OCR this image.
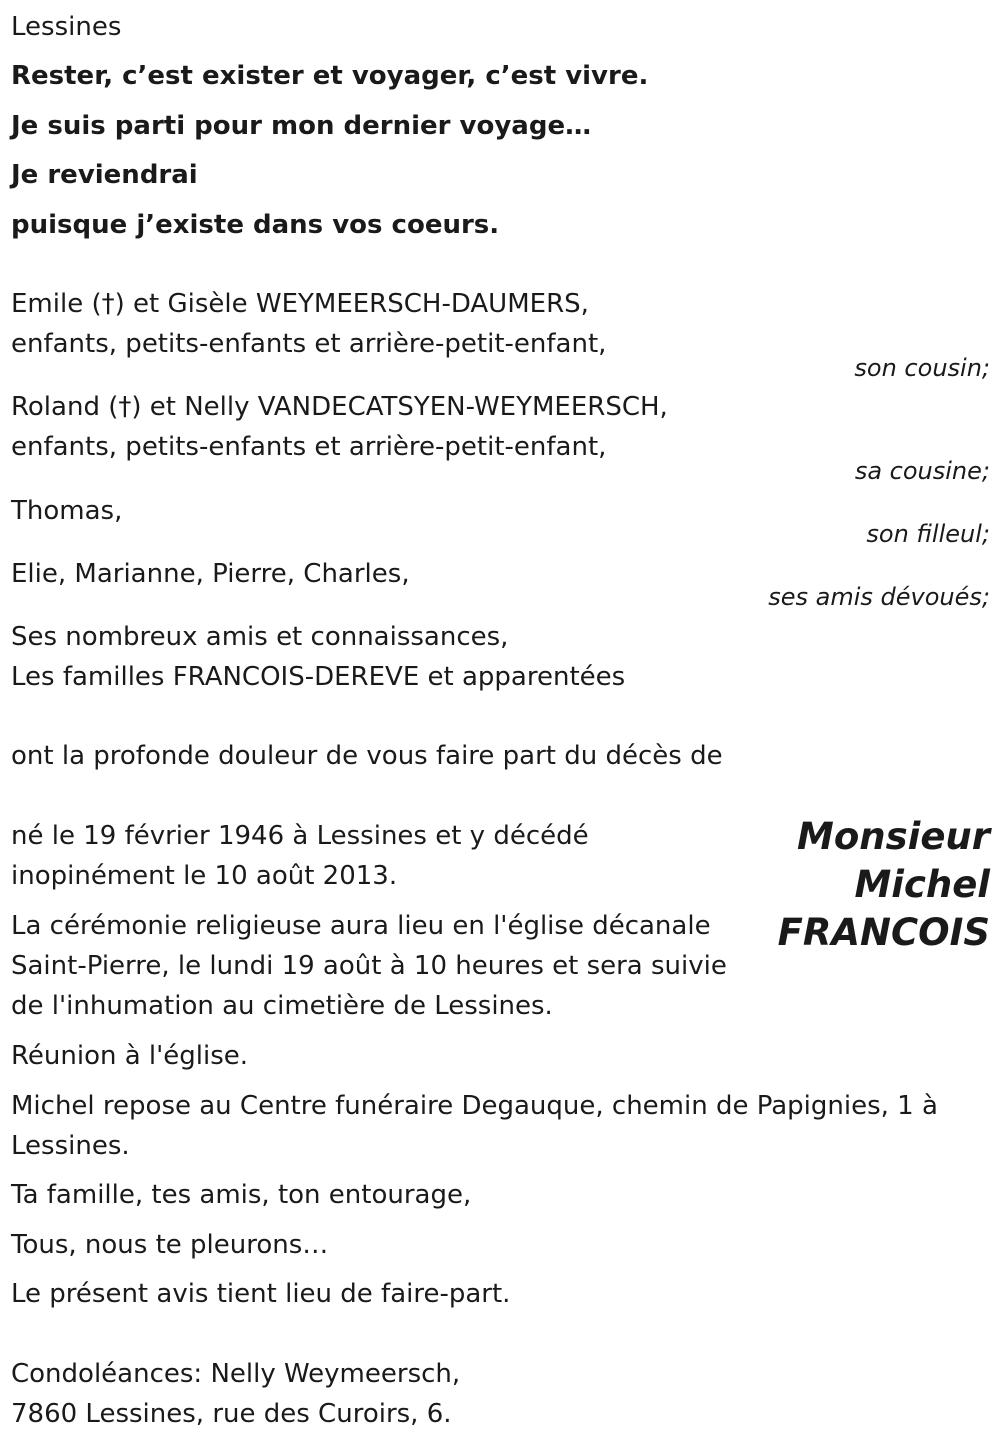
Lessines
Rester, c’est exister et voyager, c’est vivre.
Je suis parti pour mon dernier voyage…
Je reviendrai
puisque j’existe dans vos coeurs.
Emile (†) et Gisèle WEYMEERSCH-DAUMERS,
enfants, petits-enfants et arrière-petit-enfant,
son cousin;
Roland (†) et Nelly VANDECATSYEN-WEYMEERSCH,
enfants, petits-enfants et arrière-petit-enfant,
sa cousine;
Thomas,
son filleul;
Elie, Marianne, Pierre, Charles,
ses amis dévoués;
Ses nombreux amis et connaissances,
Les familles FRANCOIS-DEREVE et apparentées
ont la profonde douleur de vous faire part du décès de
Monsieur
Michel
FRANCOIS
né le 19 février 1946 à Lessines et y décédé
inopinément le 10 août 2013.
La cérémonie religieuse aura lieu en l'église décanale
Saint-Pierre, le lundi 19 août à 10 heures et sera suivie
de l'inhumation au cimetière de Lessines.
Réunion à l'église.
Michel repose au Centre funéraire Degauque, chemin de Papignies, 1 à
Lessines.
Ta famille, tes amis, ton entourage,
Tous, nous te pleurons…
Le présent avis tient lieu de faire-part.
Condoléances: Nelly Weymeersch,
7860 Lessines, rue des Curoirs, 6.
